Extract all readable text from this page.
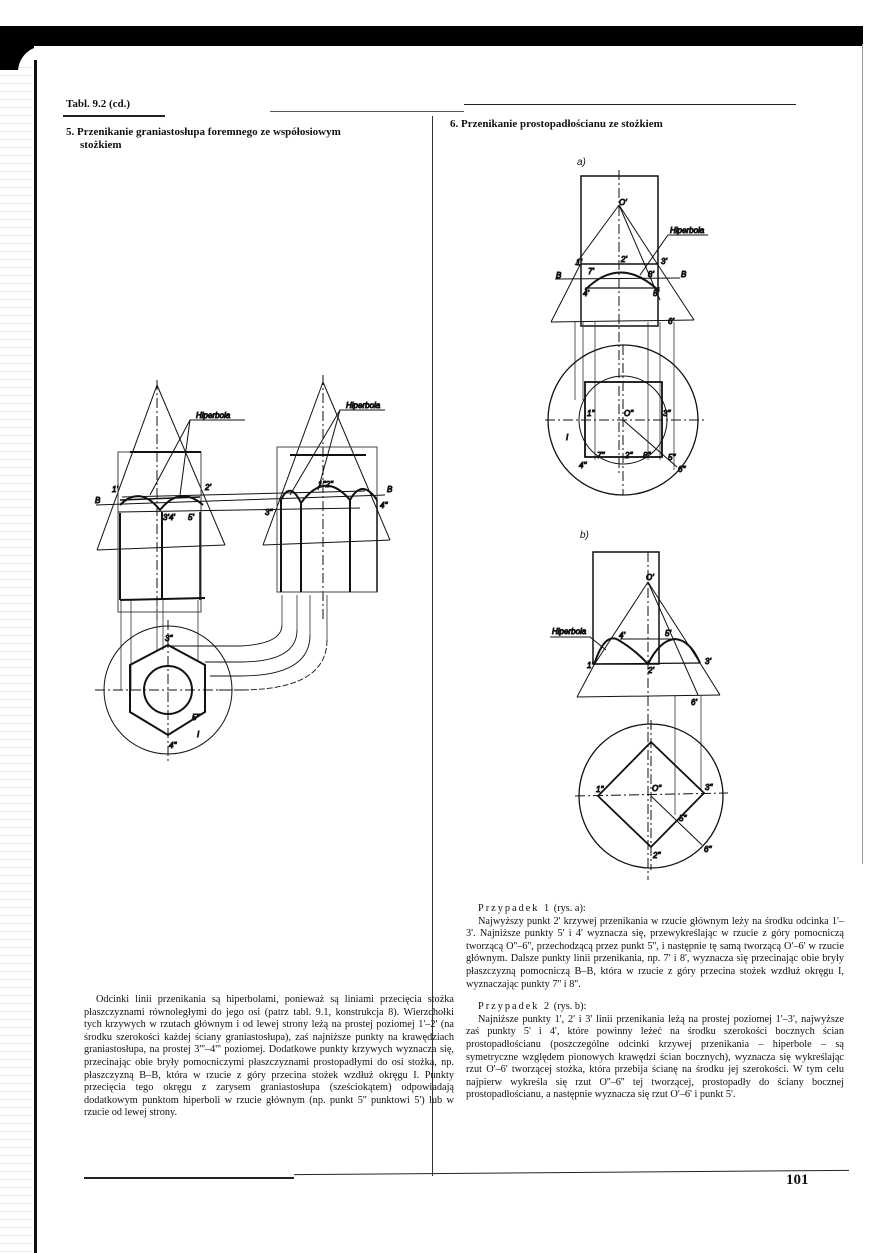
Tabl. 9.2 (cd.)
5. Przenikanie graniastosłupa foremnego ze współosiowym
stożkiem
6. Przenikanie prostopadłościanu ze stożkiem
Hiperbola
B
1'	2'
3'4' 5'
Hiperbola
B
1''2''
3''
4''
3''
5''
4''
I
a)
Hiperbola
O'
1'	2'	3'
7'	8'
B	B
4'	5'
6'
1''	O''	3''
I
4''
7''	2'' 8'' 5''
6''
b)
Hiperbola
O'
4'	5'
1'
2'
3'
6'
1''	O''	3''
5''
2''
6''

Odcinki linii przenikania są hiperbolami, ponieważ są liniami przecięcia stożka płaszczyznami równoległymi do jego osi (patrz tabl. 9.1, konstrukcja 8). Wierzchołki tych krzywych w rzutach głównym i od lewej strony leżą na prostej poziomej 1'–2' (na środku szerokości każdej ściany graniastosłupa), zaś najniższe punkty na krawędziach graniastosłupa, na prostej 3'''–4''' poziomej. Dodatkowe punkty krzywych wyznacza się, przecinając obie bryły pomocniczymi płaszczyznami prostopadłymi do osi stożka, np. płaszczyzną B–B, która w rzucie z góry przecina stożek wzdłuż okręgu I. Punkty przecięcia tego okręgu z zarysem graniastosłupa (sześciokątem) odpowiadają dodatkowym punktom hiperboli w rzucie głównym (np. punkt 5'' punktowi 5') lub w rzucie od lewej strony.

Przypadek 1 (rys. a):

Najwyższy punkt 2' krzywej przenikania w rzucie głównym leży na środku odcinka 1'–3'. Najniższe punkty 5' i 4' wyznacza się, przewykreślając w rzucie z góry pomocniczą tworzącą O''–6'', przechodzącą przez punkt 5'', i następnie tę samą tworzącą O'–6' w rzucie głównym. Dalsze punkty linii przenikania, np. 7' i 8', wyznacza się przecinając obie bryły płaszczyzną pomocniczą B–B, która w rzucie z góry przecina stożek wzdłuż okręgu I, wyznaczając punkty 7'' i 8''.

Przypadek 2 (rys. b):

Najniższe punkty 1', 2' i 3' linii przenikania leżą na prostej poziomej 1'–3', najwyższe zaś punkty 5' i 4', które powinny leżeć na środku szerokości bocznych ścian prostopadłościanu (poszczególne odcinki krzywej przenikania – hiperbole – są symetryczne względem pionowych krawędzi ścian bocznych), wyznacza się wykreślając rzut O'–6' tworzącej stożka, która przebija ścianę na środku jej szerokości. W tym celu najpierw wykreśla się rzut O''–6'' tej tworzącej, prostopadły do ściany bocznej prostopadłościanu, a następnie wyznacza się rzut O'–6' i punkt 5'.

101
